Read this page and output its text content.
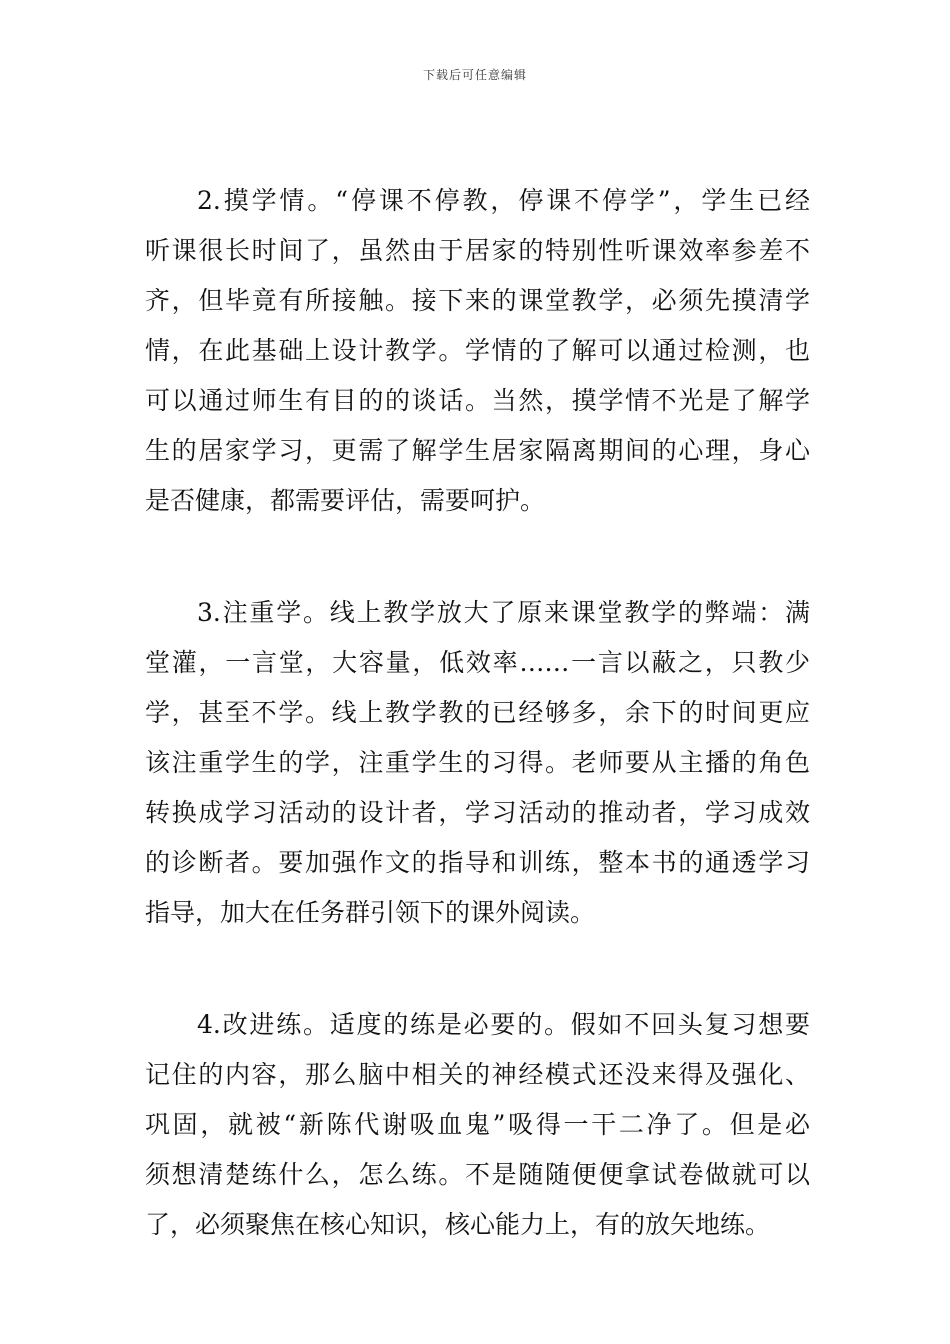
下载后可任意编辑
2.摸学情。“停课不停教，停课不停学”，学生已经
听课很长时间了，虽然由于居家的特别性听课效率参差不
齐，但毕竟有所接触。接下来的课堂教学，必须先摸清学
情，在此基础上设计教学。学情的了解可以通过检测，也
可以通过师生有目的的谈话。当然，摸学情不光是了解学
生的居家学习，更需了解学生居家隔离期间的心理，身心
是否健康，都需要评估，需要呵护。
3.注重学。线上教学放大了原来课堂教学的弊端：满
堂灌，一言堂，大容量，低效率……一言以蔽之，只教少
学，甚至不学。线上教学教的已经够多，余下的时间更应
该注重学生的学，注重学生的习得。老师要从主播的角色
转换成学习活动的设计者，学习活动的推动者，学习成效
的诊断者。要加强作文的指导和训练，整本书的通透学习
指导，加大在任务群引领下的课外阅读。
4.改进练。适度的练是必要的。假如不回头复习想要
记住的内容，那么脑中相关的神经模式还没来得及强化、
巩固，就被“新陈代谢吸血鬼”吸得一干二净了。但是必
须想清楚练什么，怎么练。不是随随便便拿试卷做就可以
了，必须聚焦在核心知识，核心能力上，有的放矢地练。
